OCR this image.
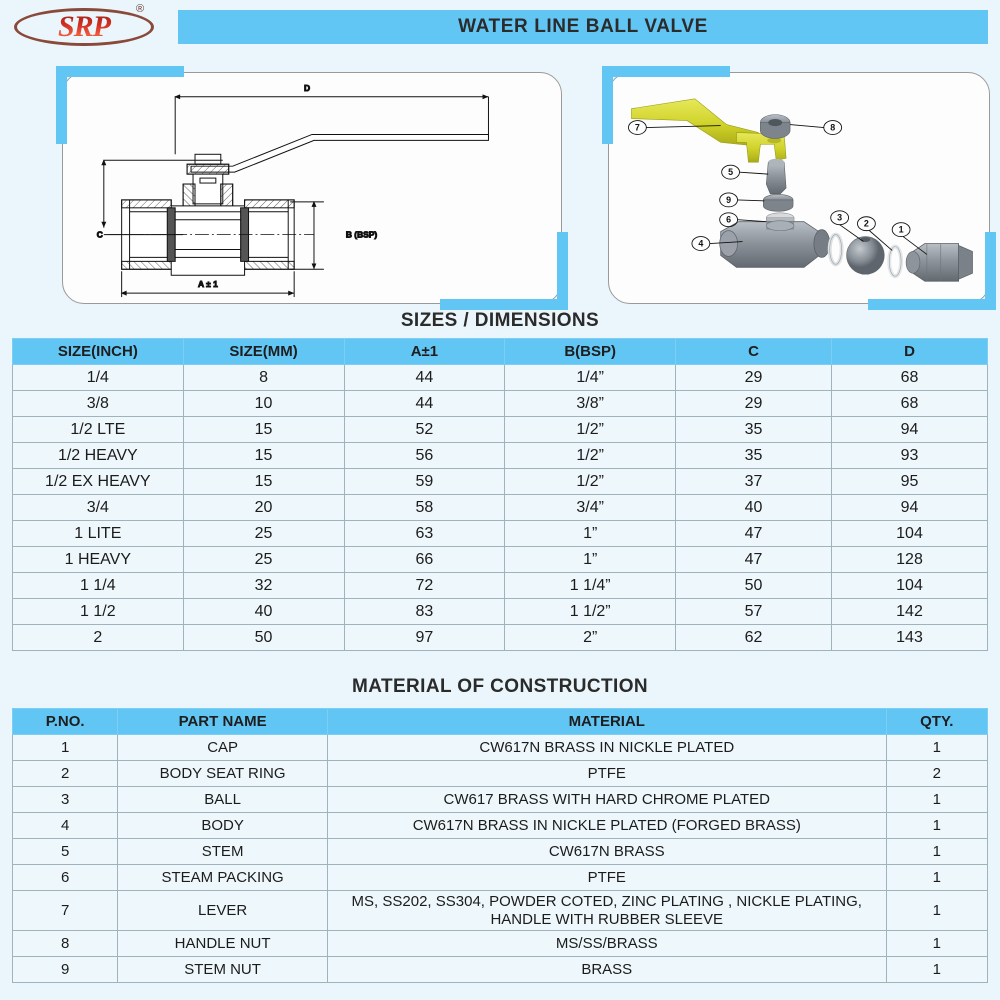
SRP
®
WATER LINE BALL VALVE
D
C	B (BSP)
A ± 1
7	8
5
9
6
4
3
2
1
SIZES / DIMENSIONS
SIZE(INCH)	SIZE(MM)	A±1	B(BSP)	C	D
1/4	8	44	1/4”	29	68
3/8	10	44	3/8”	29	68
1/2 LTE	15	52	1/2”	35	94
1/2 HEAVY	15	56	1/2”	35	93
1/2 EX HEAVY	15	59	1/2”	37	95
3/4	20	58	3/4”	40	94
1 LITE	25	63	1”	47	104
1 HEAVY	25	66	1”	47	128
1 1/4	32	72	1 1/4”	50	104
1 1/2	40	83	1 1/2”	57	142
2	50	97	2”	62	143
MATERIAL OF CONSTRUCTION
P.NO.	PART NAME	MATERIAL	QTY.
1	CAP	CW617N BRASS IN NICKLE PLATED	1
2	BODY SEAT RING	PTFE	2
3	BALL	CW617 BRASS WITH HARD CHROME PLATED	1
4	BODY	CW617N BRASS IN NICKLE PLATED (FORGED BRASS)	1
5	STEM	CW617N BRASS	1
6	STEAM PACKING	PTFE	1
7	LEVER	MS, SS202, SS304, POWDER COTED, ZINC PLATING , NICKLE PLATING, HANDLE WITH RUBBER SLEEVE	1
8	HANDLE NUT	MS/SS/BRASS	1
9	STEM NUT	BRASS	1
